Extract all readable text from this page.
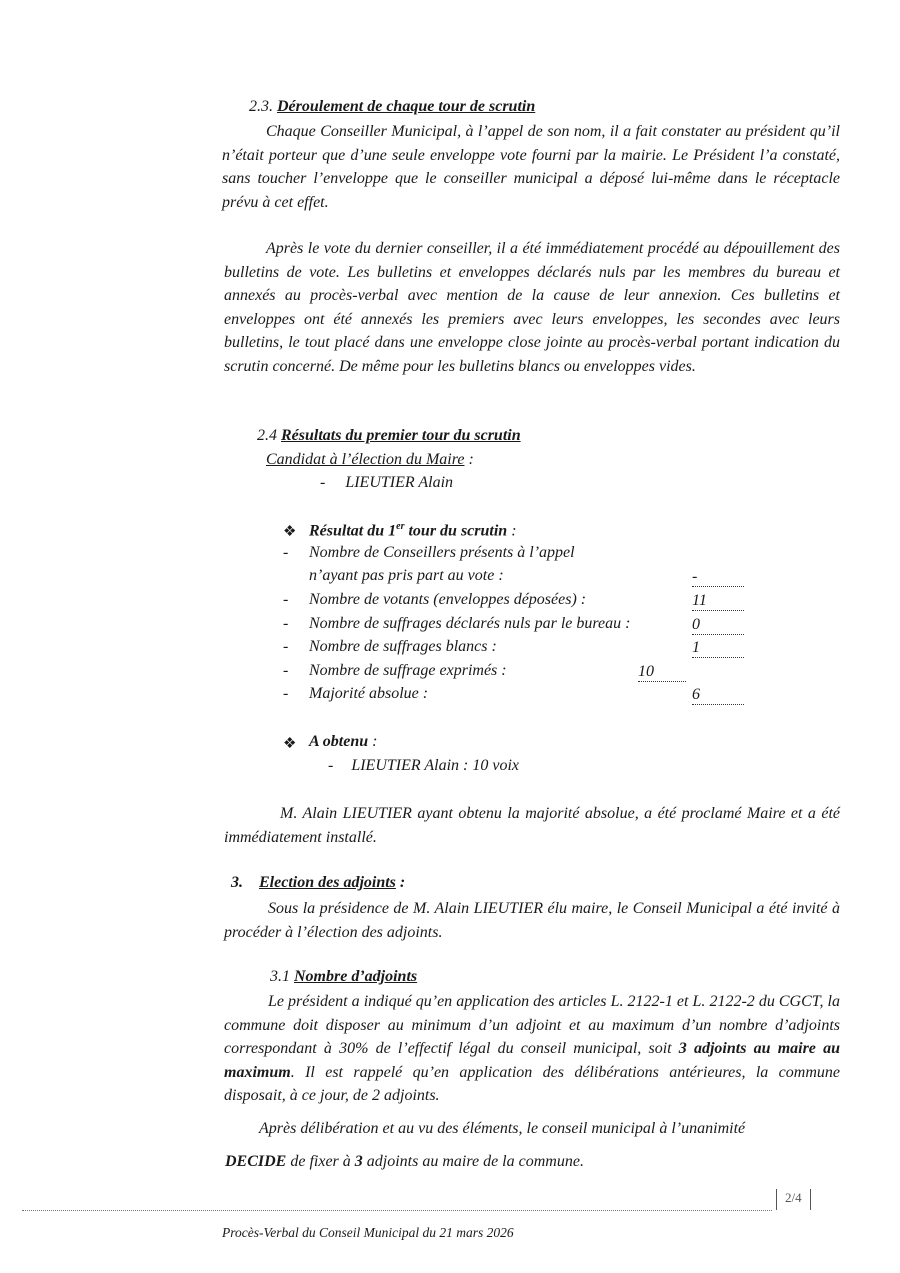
2.3. Déroulement de chaque tour de scrutin
Chaque Conseiller Municipal, à l’appel de son nom, il a fait constater au président qu’il n’était porteur que d’une seule enveloppe vote fourni par la mairie. Le Président l’a constaté, sans toucher l’enveloppe que le conseiller municipal a déposé lui-même dans le réceptacle prévu à cet effet.
Après le vote du dernier conseiller, il a été immédiatement procédé au dépouillement des bulletins de vote. Les bulletins et enveloppes déclarés nuls par les membres du bureau et annexés au procès-verbal avec mention de la cause de leur annexion. Ces bulletins et enveloppes ont été annexés les premiers avec leurs enveloppes, les secondes avec leurs bulletins, le tout placé dans une enveloppe close jointe au procès-verbal portant indication du scrutin concerné. De même pour les bulletins blancs ou enveloppes vides.
2.4 Résultats du premier tour du scrutin
Candidat à l’élection du Maire :
- LIEUTIER Alain
❖ Résultat du 1er tour du scrutin :
- Nombre de Conseillers présents à l’appel
n’ayant pas pris part au vote :	-
- Nombre de votants (enveloppes déposées) :	11
- Nombre de suffrages déclarés nuls par le bureau :	0
- Nombre de suffrages blancs :	1
- Nombre de suffrage exprimés :	10
- Majorité absolue :	6
❖ A obtenu :
- LIEUTIER Alain : 10 voix
M. Alain LIEUTIER ayant obtenu la majorité absolue, a été proclamé Maire et a été immédiatement installé.
3. Election des adjoints :
Sous la présidence de M. Alain LIEUTIER élu maire, le Conseil Municipal a été invité à procéder à l’élection des adjoints.
3.1 Nombre d’adjoints
Le président a indiqué qu’en application des articles L. 2122-1 et L. 2122-2 du CGCT, la commune doit disposer au minimum d’un adjoint et au maximum d’un nombre d’adjoints correspondant à 30% de l’effectif légal du conseil municipal, soit 3 adjoints au maire au maximum. Il est rappelé qu’en application des délibérations antérieures, la commune disposait, à ce jour, de 2 adjoints.
Après délibération et au vu des éléments, le conseil municipal à l’unanimité
DECIDE de fixer à 3 adjoints au maire de la commune.
2/4
Procès-Verbal du Conseil Municipal du 21 mars 2026
